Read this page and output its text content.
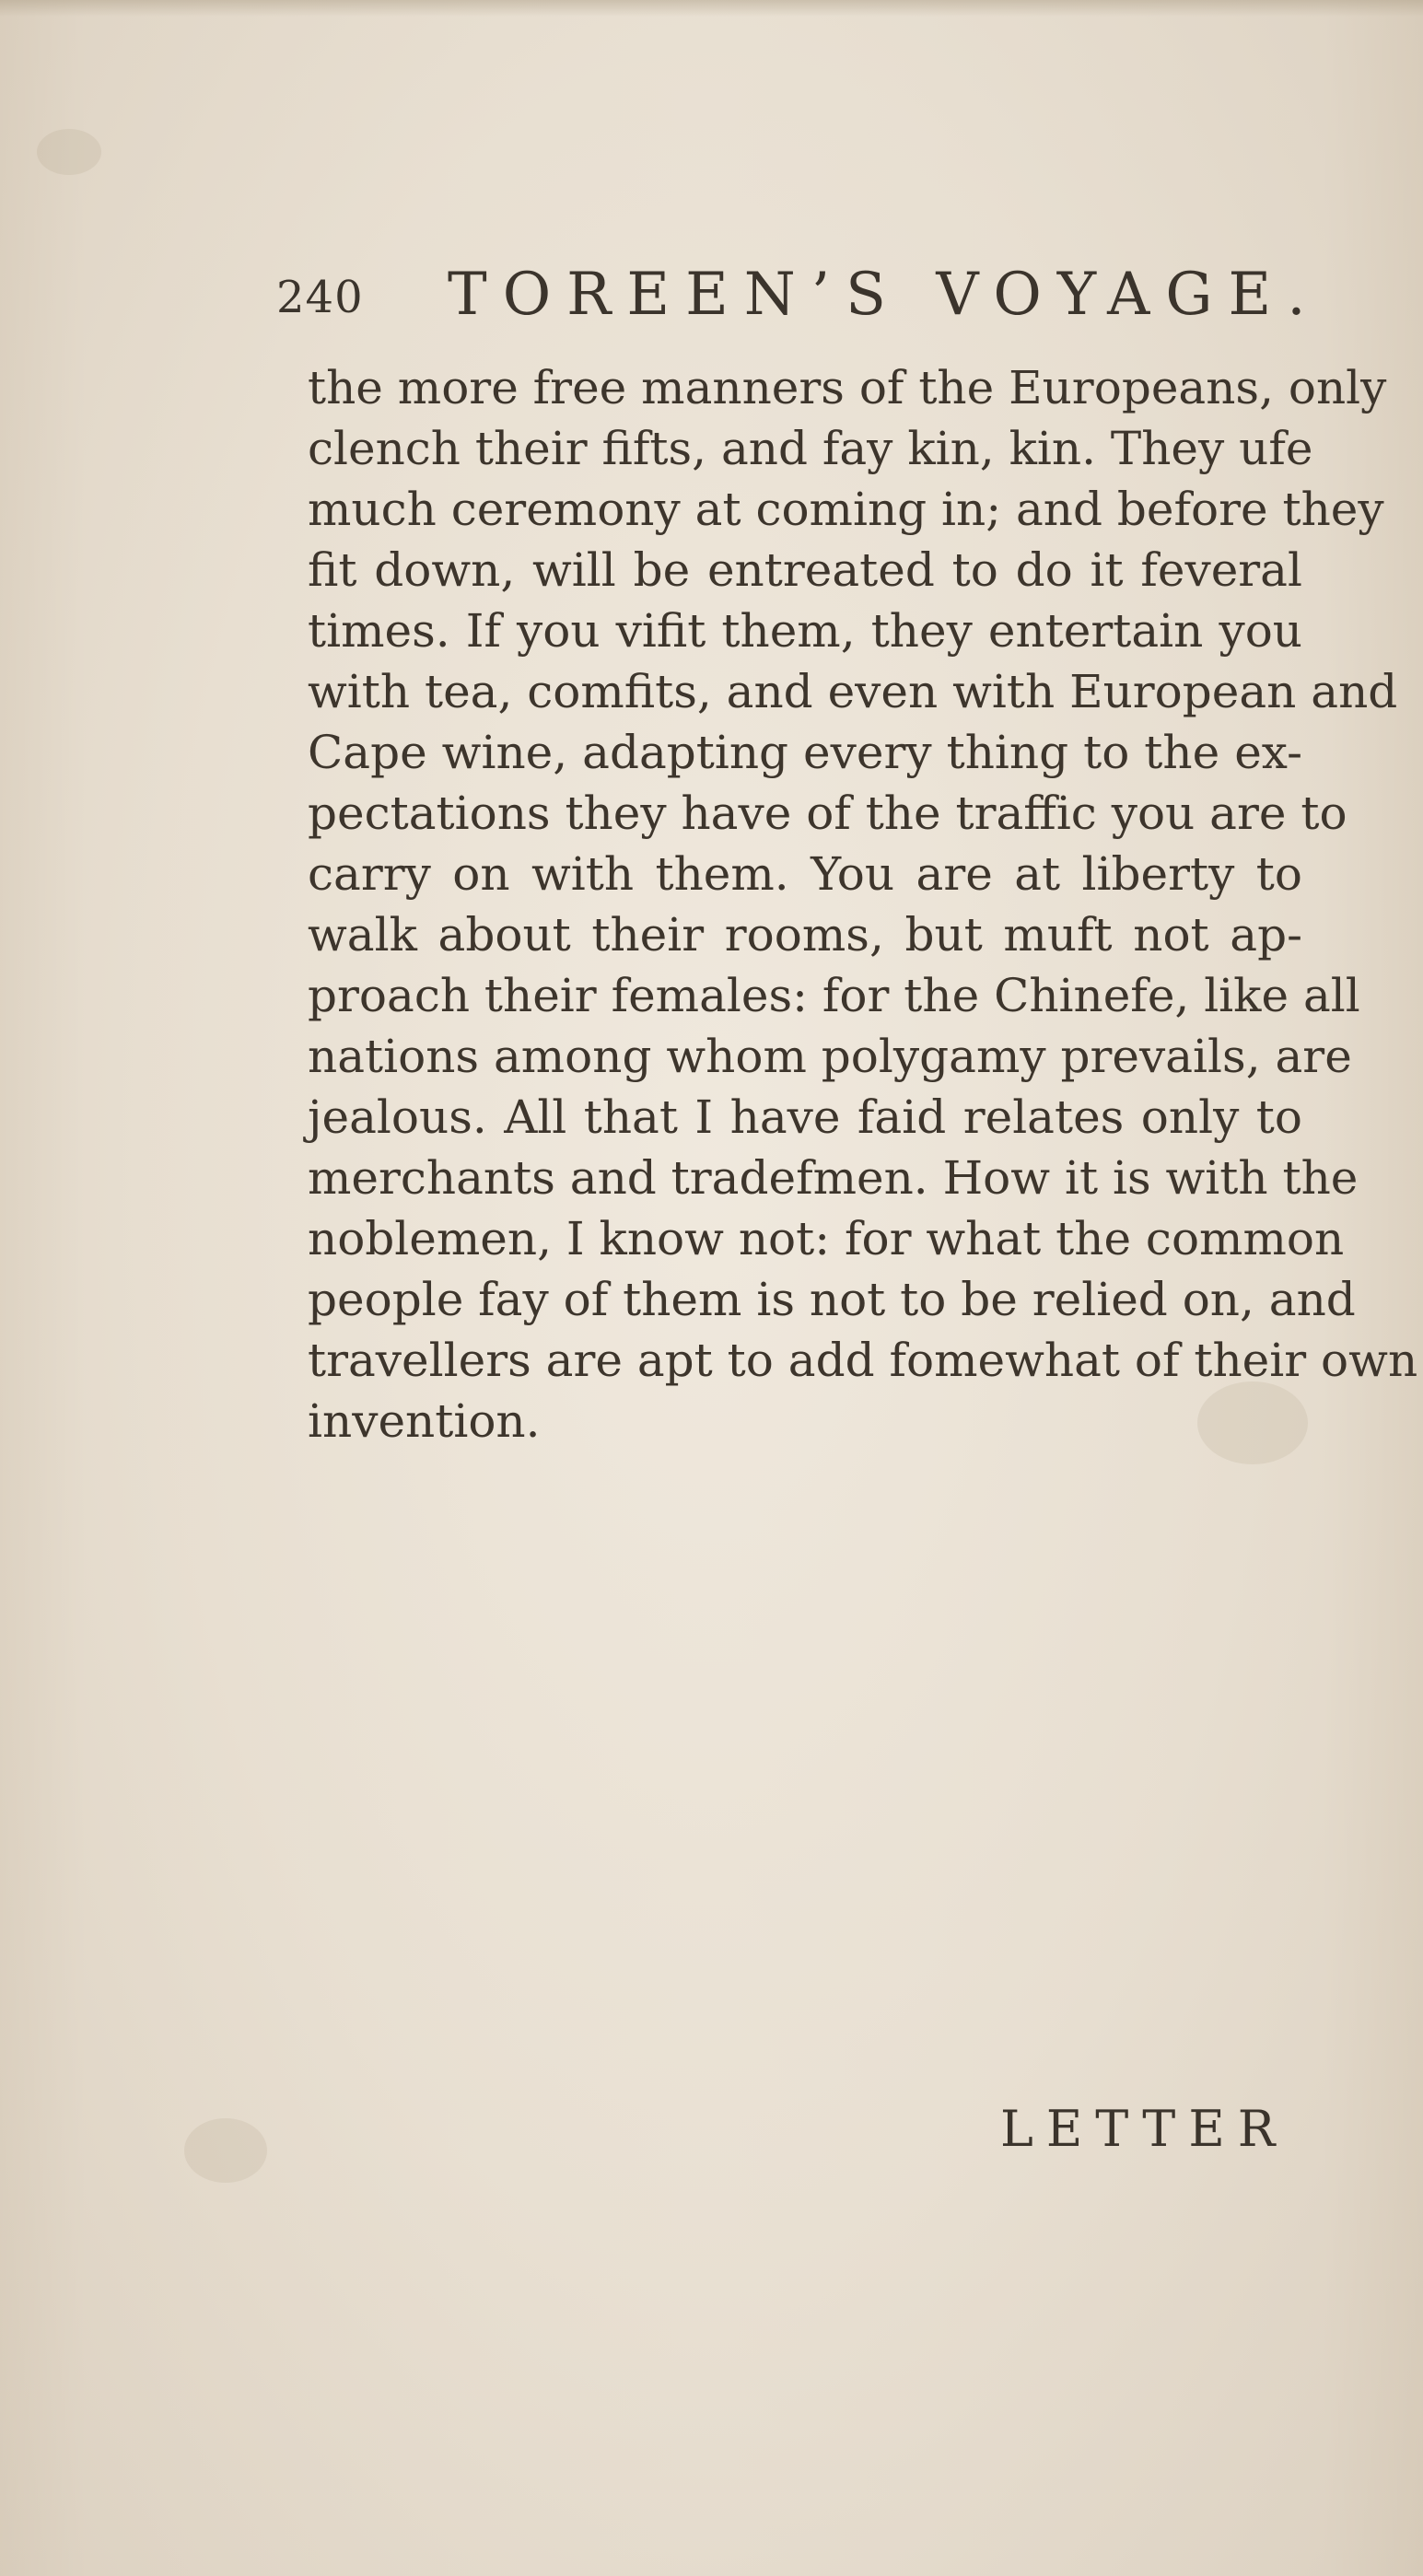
240 TOREEN’S VOYAGE.
the more free manners of the Europeans, only
clench their fifts, and fay kin, kin. They ufe
much ceremony at coming in; and before they
fit down, will be entreated to do it feveral
times. If you vifit them, they entertain you
with tea, comfits, and even with European and
Cape wine, adapting every thing to the ex-
pectations they have of the traffic you are to
carry on with them. You are at liberty to
walk about their rooms, but muft not ap-
proach their females: for the Chinefe, like all
nations among whom polygamy prevails, are
jealous. All that I have faid relates only to
merchants and tradefmen. How it is with the
noblemen, I know not: for what the common
people fay of them is not to be relied on, and
travellers are apt to add fomewhat of their own
invention.
LETTER
